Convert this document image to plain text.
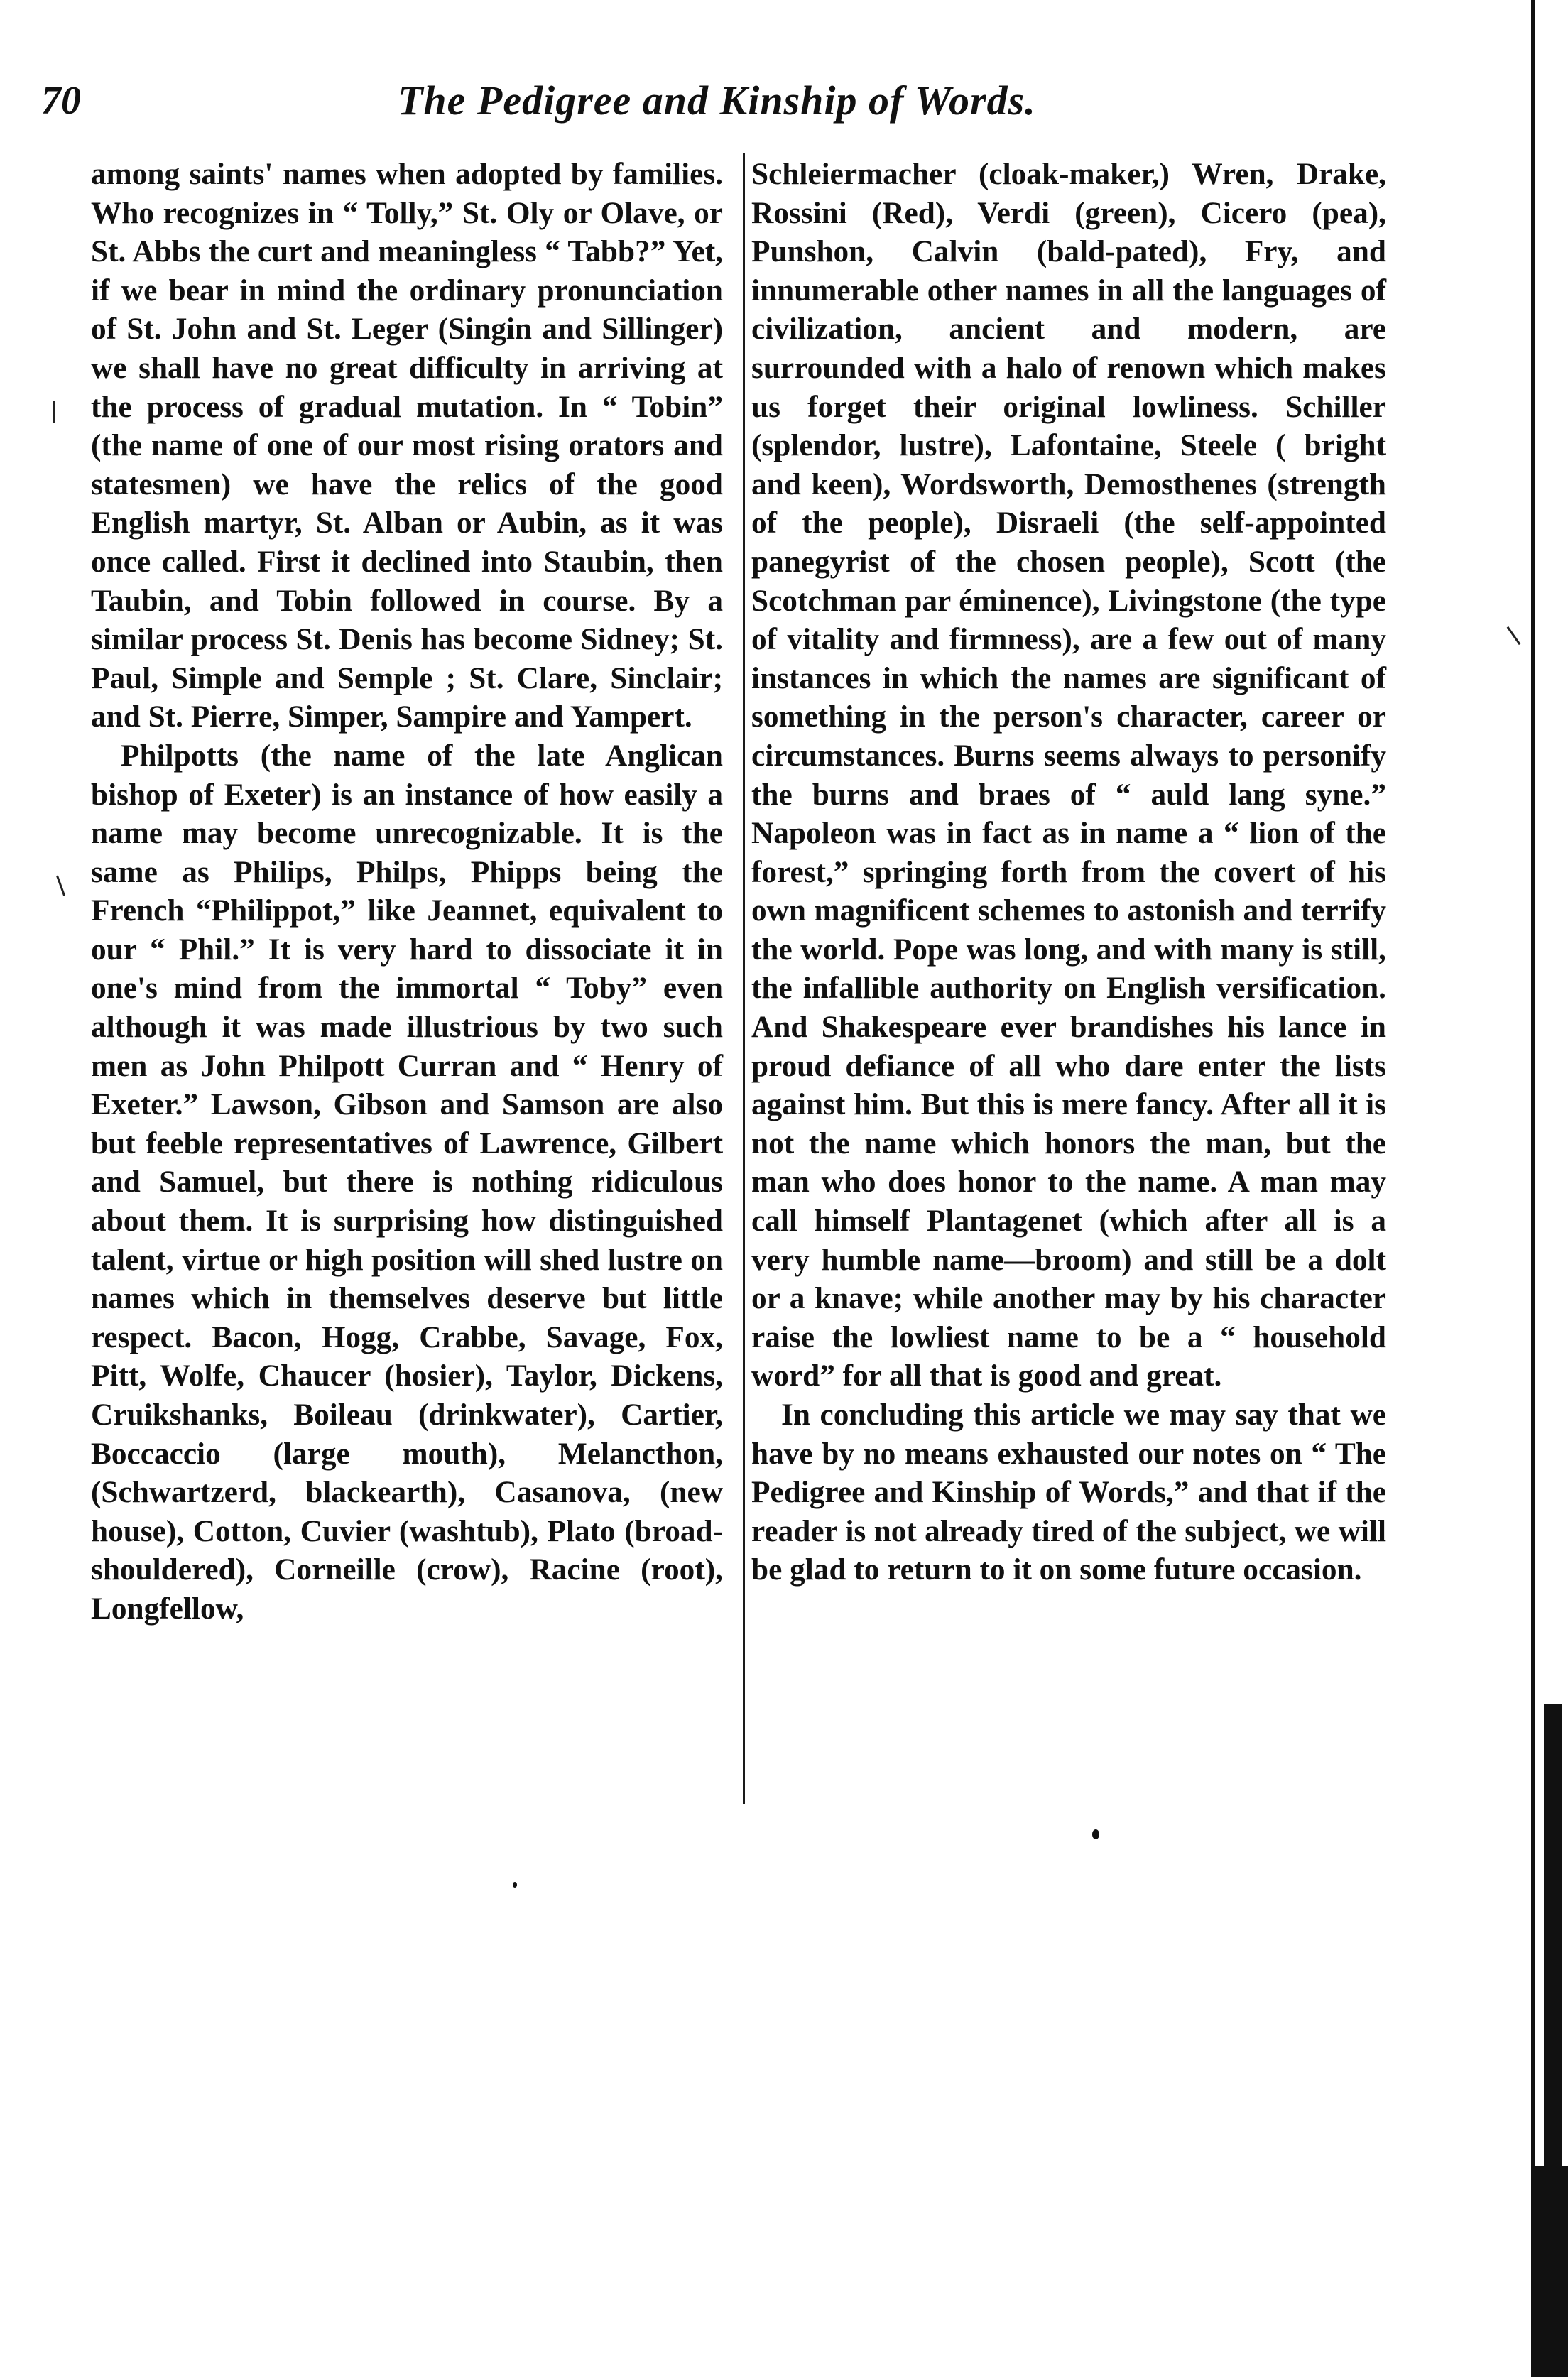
70	The Pedigree and Kinship of Words.

among saints' names when adopted by families. Who recognizes in “ Tolly,” St. Oly or Olave, or St. Abbs the curt and meaningless “ Tabb?” Yet, if we bear in mind the ordinary pronunciation of St. John and St. Leger (Singin and Sillinger) we shall have no great difficulty in arriving at the process of gradual mutation. In “ Tobin” (the name of one of our most rising orators and statesmen) we have the relics of the good English martyr, St. Alban or Aubin, as it was once called. First it declined into Staubin, then Taubin, and Tobin followed in course. By a similar process St. Denis has become Sidney; St. Paul, Simple and Semple ; St. Clare, Sinclair; and St. Pierre, Simper, Sampire and Yampert.

Philpotts (the name of the late Anglican bishop of Exeter) is an instance of how easily a name may become unrecognizable. It is the same as Philips, Philps, Phipps being the French “Philippot,” like Jeannet, equivalent to our “ Phil.” It is very hard to dissociate it in one's mind from the immortal “ Toby” even although it was made illustrious by two such men as John Philpott Curran and “ Henry of Exeter.” Lawson, Gibson and Samson are also but feeble representatives of Lawrence, Gilbert and Samuel, but there is nothing ridiculous about them. It is surprising how distinguished talent, virtue or high position will shed lustre on names which in themselves deserve but little respect. Bacon, Hogg, Crabbe, Savage, Fox, Pitt, Wolfe, Chaucer (hosier), Taylor, Dickens, Cruikshanks, Boileau (drinkwater), Cartier, Boccaccio (large mouth), Melancthon, (Schwartzerd, blackearth), Casanova, (new house), Cotton, Cuvier (washtub), Plato (broad-shouldered), Corneille (crow), Racine (root), Longfellow,

Schleiermacher (cloak-maker,) Wren, Drake, Rossini (Red), Verdi (green), Cicero (pea), Punshon, Calvin (bald-pated), Fry, and innumerable other names in all the languages of civilization, ancient and modern, are surrounded with a halo of renown which makes us forget their original lowliness. Schiller (splendor, lustre), Lafontaine, Steele ( bright and keen), Wordsworth, Demosthenes (strength of the people), Disraeli (the self-appointed panegyrist of the chosen people), Scott (the Scotchman par éminence), Livingstone (the type of vitality and firmness), are a few out of many instances in which the names are significant of something in the person's character, career or circumstances. Burns seems always to personify the burns and braes of “ auld lang syne.” Napoleon was in fact as in name a “ lion of the forest,” springing forth from the covert of his own magnificent schemes to astonish and terrify the world. Pope was long, and with many is still, the infallible authority on English versification. And Shakespeare ever brandishes his lance in proud defiance of all who dare enter the lists against him. But this is mere fancy. After all it is not the name which honors the man, but the man who does honor to the name. A man may call himself Plantagenet (which after all is a very humble name—broom) and still be a dolt or a knave; while another may by his character raise the lowliest name to be a “ household word” for all that is good and great.

In concluding this article we may say that we have by no means exhausted our notes on “ The Pedigree and Kinship of Words,” and that if the reader is not already tired of the subject, we will be glad to return to it on some future occasion.
